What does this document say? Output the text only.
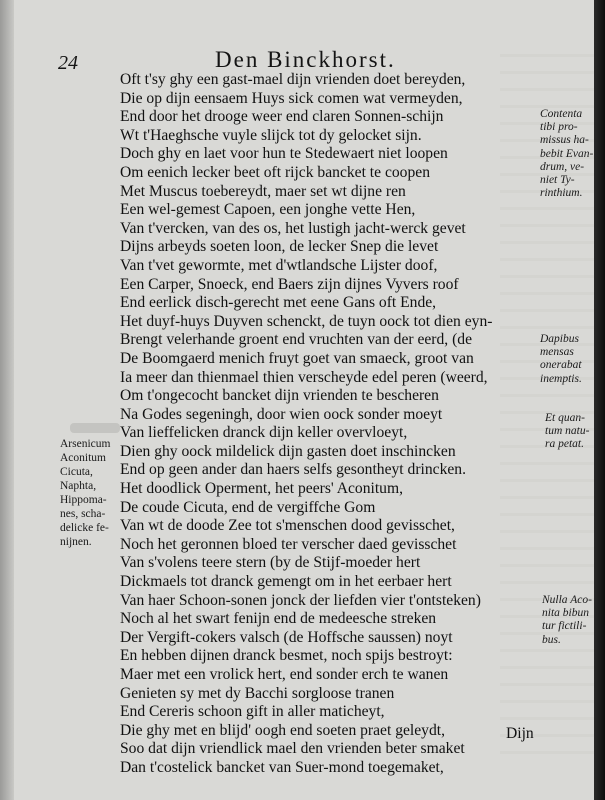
24	Den Binckhorst.
Oft t'sy ghy een gast-mael dijn vrienden doet bereyden,
Die op dijn eensaem Huys sick comen wat vermeyden,
End door het drooge weer end claren Sonnen-schijn
Wt t'Haeghsche vuyle slijck tot dy gelocket sijn.
Doch ghy en laet voor hun te Stedewaert niet loopen
Om eenich lecker beet oft rijck bancket te coopen
Met Muscus toebereydt, maer set wt dijne ren
Een wel-gemest Capoen, een jonghe vette Hen,
Van t'vercken, van des os, het lustigh jacht-werck gevet
Dijns arbeyds soeten loon, de lecker Snep die levet
Van t'vet gewormte, met d'wtlandsche Lijster doof,
Een Carper, Snoeck, end Baers zijn dijnes Vyvers roof
End eerlick disch-gerecht met eene Gans oft Ende,
Het duyf-huys Duyven schenckt, de tuyn oock tot dien eyn-
Brengt velerhande groent end vruchten van der eerd, (de
De Boomgaerd menich fruyt goet van smaeck, groot van
Ia meer dan thienmael thien verscheyde edel peren (weerd,
Om t'ongecocht bancket dijn vrienden te bescheren
Na Godes segeningh, door wien oock sonder moeyt
Van lieffelicken dranck dijn keller overvloeyt,
Dien ghy oock mildelick dijn gasten doet inschincken
End op geen ander dan haers selfs gesontheyt drincken.
Het doodlick Operment, het peers' Aconitum,
De coude Cicuta, end de vergiffche Gom
Van wt de doode Zee tot s'menschen dood gevisschet,
Noch het geronnen bloed ter verscher daed gevisschet
Van s'volens teere stern (by de Stijf-moeder hert
Dickmaels tot dranck gemengt om in het eerbaer hert
Van haer Schoon-sonen jonck der liefden vier t'ontsteken)
Noch al het swart fenijn end de medeesche streken
Der Vergift-cokers valsch (de Hoffsche saussen) noyt
En hebben dijnen dranck besmet, noch spijs bestroyt:
Maer met een vrolick hert, end sonder erch te wanen
Genieten sy met dy Bacchi sorgloose tranen
End Cereris schoon gift in aller maticheyt,
Die ghy met en blijd' oogh end soeten praet geleydt,
Soo dat dijn vriendlick mael den vrienden beter smaket
Dan t'costelick bancket van Suer-mond toegemaket,
Contenta
tibi pro-
missus ha-
bebit Evan-
drum, ve-
niet Ty-
rinthium.
Dapibus
mensas
onerabat
inemptis.
Et quan-
tum natu-
ra petat.
Nulla Aco-
nita bibun
tur fictili-
bus.
Arsenicum
Aconitum
Cicuta,
Naphta,
Hippoma-
nes, scha-
delicke fe-
nijnen.

Dijn
